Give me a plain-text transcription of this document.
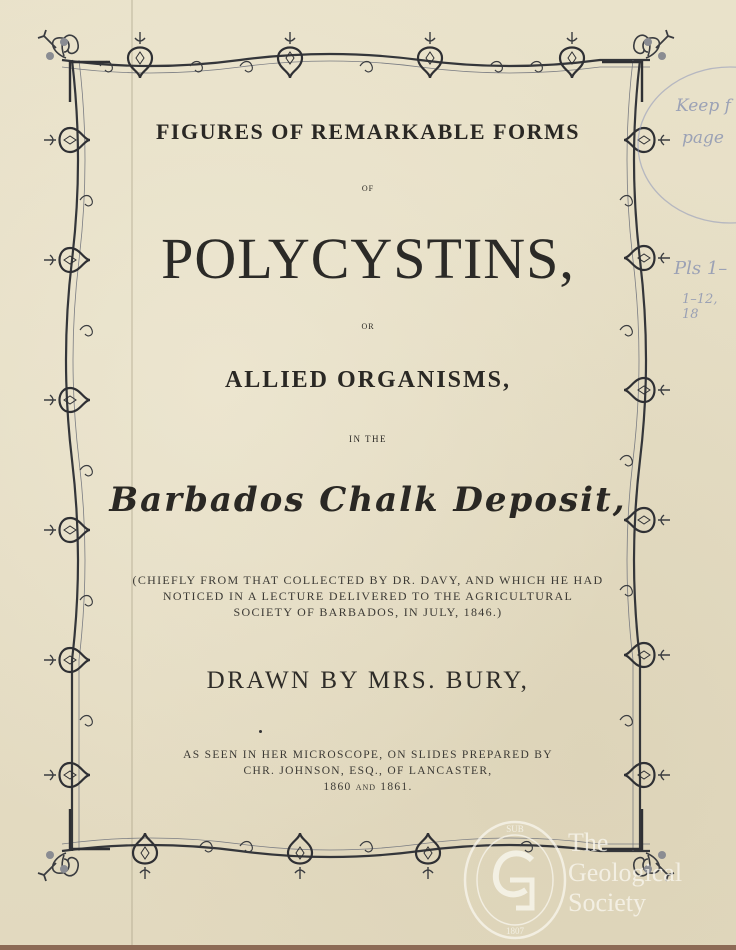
FIGURES OF REMARKABLE FORMS
OF
POLYCYSTINS,
OR
ALLIED ORGANISMS,
IN THE
Barbados Chalk Deposit,
(CHIEFLY FROM THAT COLLECTED BY DR. DAVY, AND WHICH HE HAD
NOTICED IN A LECTURE DELIVERED TO THE AGRICULTURAL
SOCIETY OF BARBADOS, IN JULY, 1846.)
DRAWN BY MRS. BURY,
AS SEEN IN HER MICROSCOPE, ON SLIDES PREPARED BY
CHR. JOHNSON, ESQ., OF LANCASTER,
1860 AND 1861.
Keep f
page
Pls 1–
1–12, 18
SUB
1807
The
Geological
Society
